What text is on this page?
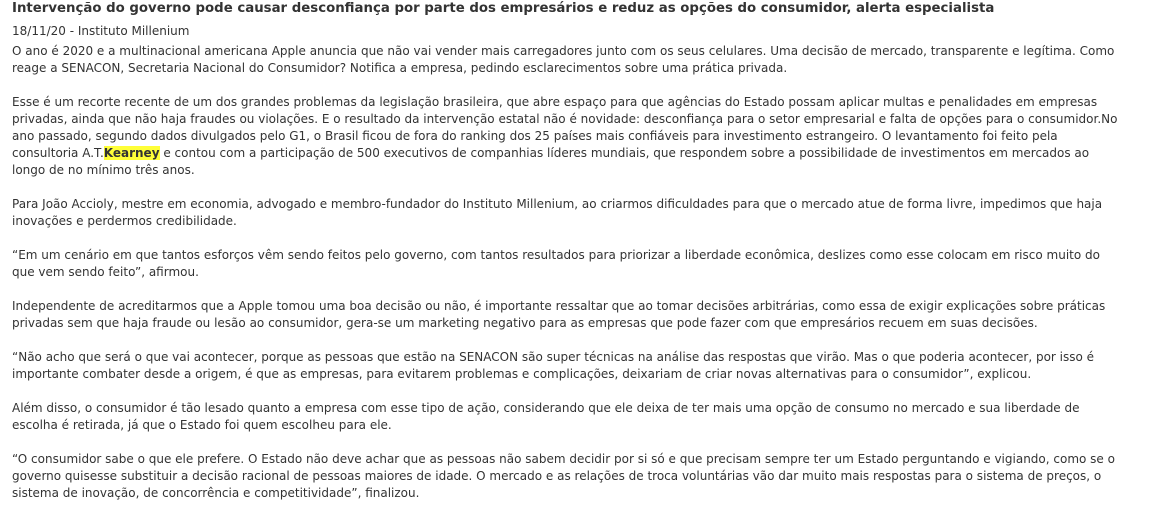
Intervenção do governo pode causar desconfiança por parte dos empresários e reduz as opções do consumidor, alerta especialista
18/11/20 - Instituto Millenium

O ano é 2020 e a multinacional americana Apple anuncia que não vai vender mais carregadores junto com os seus celulares. Uma decisão de mercado, transparente e legítima. Como reage a SENACON, Secretaria Nacional do Consumidor? Notifica a empresa, pedindo esclarecimentos sobre uma prática privada.

Esse é um recorte recente de um dos grandes problemas da legislação brasileira, que abre espaço para que agências do Estado possam aplicar multas e penalidades em empresas privadas, ainda que não haja fraudes ou violações. E o resultado da intervenção estatal não é novidade: desconfiança para o setor empresarial e falta de opções para o consumidor.No ano passado, segundo dados divulgados pelo G1, o Brasil ficou de fora do ranking dos 25 países mais confiáveis para investimento estrangeiro. O levantamento foi feito pela consultoria A.T.Kearney e contou com a participação de 500 executivos de companhias líderes mundiais, que respondem sobre a possibilidade de investimentos em mercados ao longo de no mínimo três anos.

Para João Accioly, mestre em economia, advogado e membro-fundador do Instituto Millenium, ao criarmos dificuldades para que o mercado atue de forma livre, impedimos que haja inovações e perdermos credibilidade.

“Em um cenário em que tantos esforços vêm sendo feitos pelo governo, com tantos resultados para priorizar a liberdade econômica, deslizes como esse colocam em risco muito do que vem sendo feito”, afirmou.

Independente de acreditarmos que a Apple tomou uma boa decisão ou não, é importante ressaltar que ao tomar decisões arbitrárias, como essa de exigir explicações sobre práticas privadas sem que haja fraude ou lesão ao consumidor, gera-se um marketing negativo para as empresas que pode fazer com que empresários recuem em suas decisões.

“Não acho que será o que vai acontecer, porque as pessoas que estão na SENACON são super técnicas na análise das respostas que virão. Mas o que poderia acontecer, por isso é importante combater desde a origem, é que as empresas, para evitarem problemas e complicações, deixariam de criar novas alternativas para o consumidor”, explicou.

Além disso, o consumidor é tão lesado quanto a empresa com esse tipo de ação, considerando que ele deixa de ter mais uma opção de consumo no mercado e sua liberdade de escolha é retirada, já que o Estado foi quem escolheu para ele.

“O consumidor sabe o que ele prefere. O Estado não deve achar que as pessoas não sabem decidir por si só e que precisam sempre ter um Estado perguntando e vigiando, como se o governo quisesse substituir a decisão racional de pessoas maiores de idade. O mercado e as relações de troca voluntárias vão dar muito mais respostas para o sistema de preços, o sistema de inovação, de concorrência e competitividade”, finalizou.
